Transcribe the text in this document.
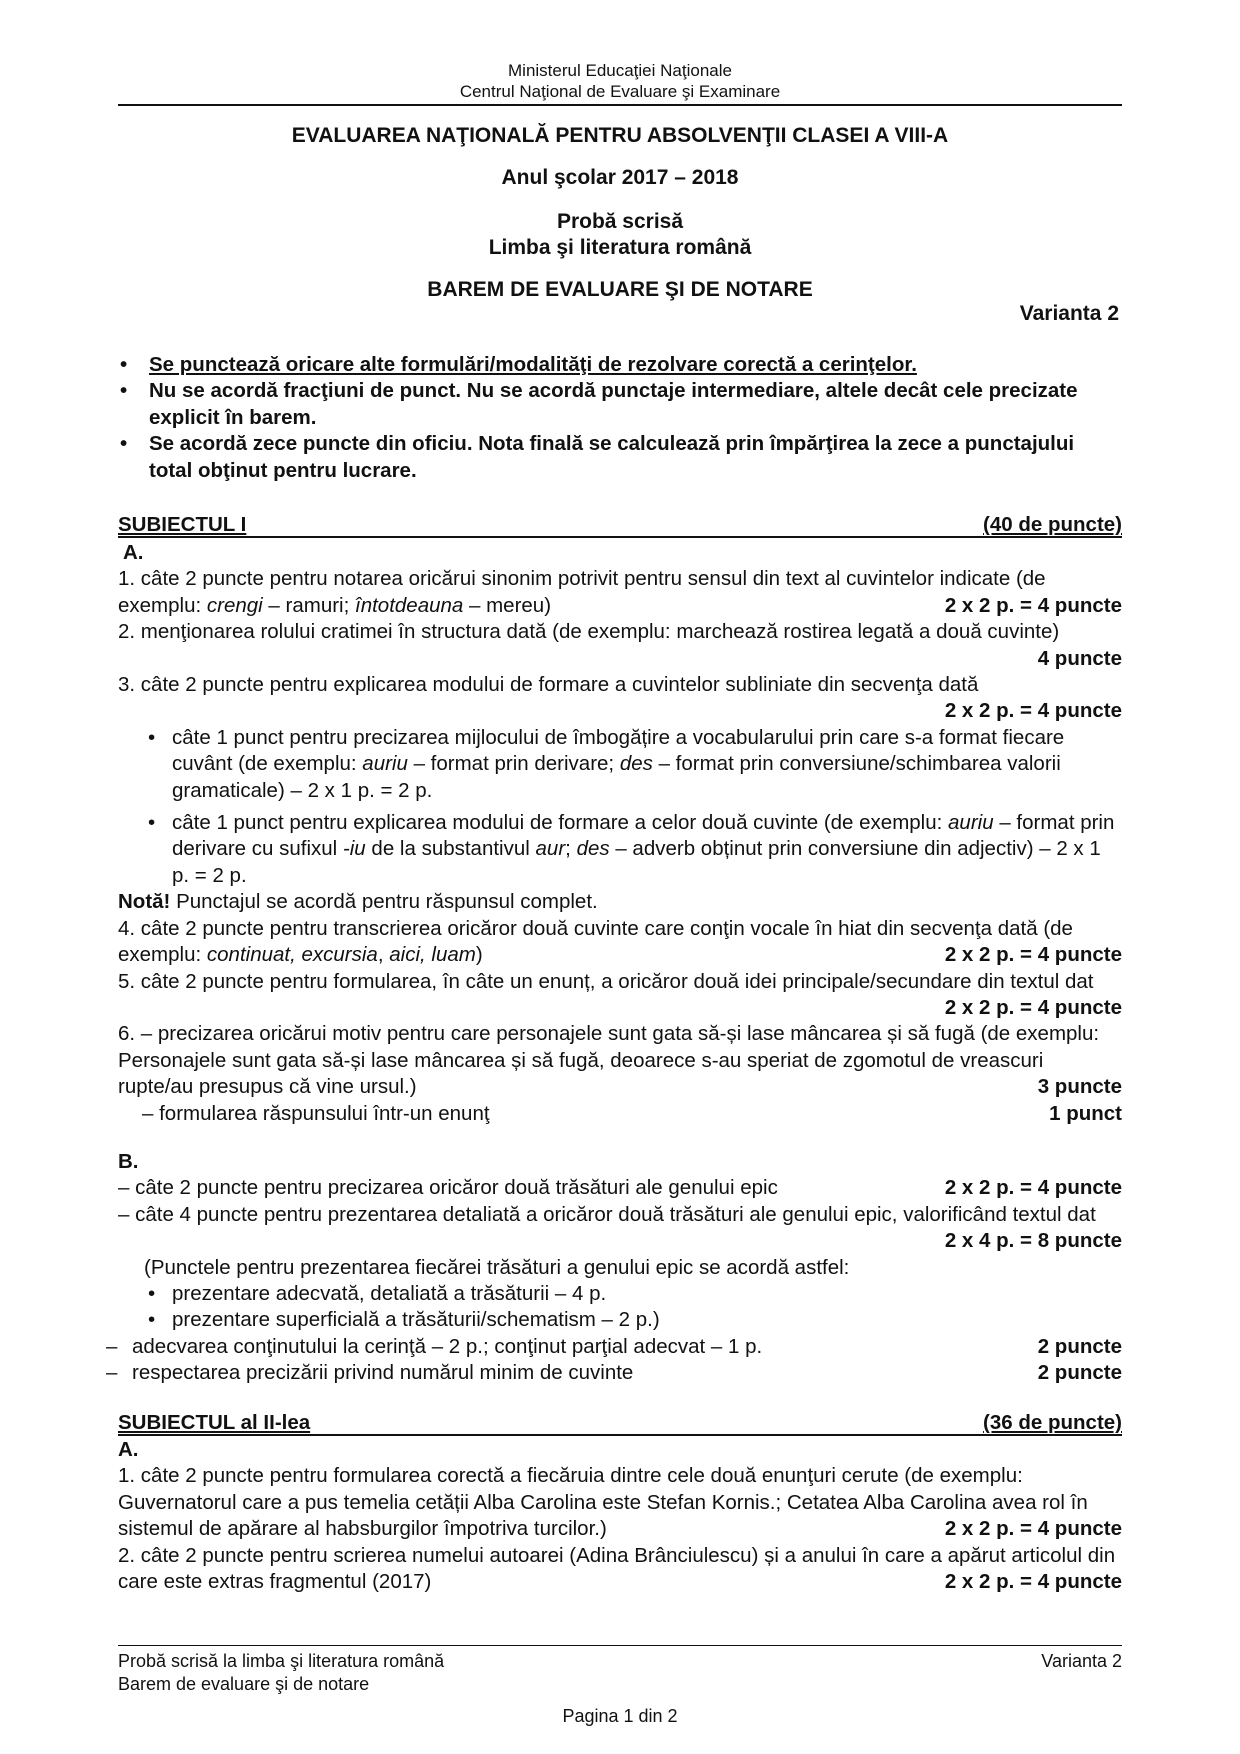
Ministerul Educaţiei Naţionale
Centrul Naţional de Evaluare şi Examinare
EVALUAREA NAŢIONALĂ PENTRU ABSOLVENŢII CLASEI A VIII-A
Anul şcolar 2017 – 2018
Probă scrisă
Limba şi literatura română
BAREM DE EVALUARE ŞI DE NOTARE
Varianta 2
• Se punctează oricare alte formulări/modalităţi de rezolvare corectă a cerinţelor.
• Nu se acordă fracţiuni de punct. Nu se acordă punctaje intermediare, altele decât cele precizate explicit în barem.
• Se acordă zece puncte din oficiu. Nota finală se calculează prin împărţirea la zece a punctajului total obţinut pentru lucrare.
SUBIECTUL I	(40 de puncte)
A.
1. câte 2 puncte pentru notarea oricărui sinonim potrivit pentru sensul din text al cuvintelor indicate (de exemplu: crengi – ramuri; întotdeauna – mereu)	2 x 2 p. = 4 puncte
2. menţionarea rolului cratimei în structura dată (de exemplu: marchează rostirea legată a două cuvinte)
4 puncte
3. câte 2 puncte pentru explicarea modului de formare a cuvintelor subliniate din secvenţa dată

2 x 2 p. = 4 puncte
• câte 1 punct pentru precizarea mijlocului de îmbogățire a vocabularului prin care s-a format fiecare cuvânt (de exemplu: auriu – format prin derivare; des – format prin conversiune/schimbarea valorii gramaticale) – 2 x 1 p. = 2 p.
• câte 1 punct pentru explicarea modului de formare a celor două cuvinte (de exemplu: auriu – format prin derivare cu sufixul -iu de la substantivul aur; des – adverb obținut prin conversiune din adjectiv) – 2 x 1 p. = 2 p.
Notă! Punctajul se acordă pentru răspunsul complet.
4. câte 2 puncte pentru transcrierea oricăror două cuvinte care conţin vocale în hiat din secvenţa dată (de exemplu: continuat, excursia, aici, luam)	2 x 2 p. = 4 puncte
5. câte 2 puncte pentru formularea, în câte un enunț, a oricăror două idei principale/secundare din textul dat
2 x 2 p. = 4 puncte
6. – precizarea oricărui motiv pentru care personajele sunt gata să-și lase mâncarea și să fugă (de exemplu: Personajele sunt gata să-și lase mâncarea și să fugă, deoarece s-au speriat de zgomotul de vreascuri rupte/au presupus că vine ursul.)	3 puncte
– formularea răspunsului într-un enunţ	1 punct
B.
– câte 2 puncte pentru precizarea oricăror două trăsături ale genului epic	2 x 2 p. = 4 puncte
– câte 4 puncte pentru prezentarea detaliată a oricăror două trăsături ale genului epic, valorificând textul dat
2 x 4 p. = 8 puncte
(Punctele pentru prezentarea fiecărei trăsături a genului epic se acordă astfel:
• prezentare adecvată, detaliată a trăsăturii – 4 p.
• prezentare superficială a trăsăturii/schematism – 2 p.)
– adecvarea conţinutului la cerinţă – 2 p.; conţinut parţial adecvat – 1 p.	2 puncte
– respectarea precizării privind numărul minim de cuvinte	2 puncte
SUBIECTUL al II-lea	(36 de puncte)
A.
1. câte 2 puncte pentru formularea corectă a fiecăruia dintre cele două enunţuri cerute (de exemplu: Guvernatorul care a pus temelia cetății Alba Carolina este Stefan Kornis.; Cetatea Alba Carolina avea rol în sistemul de apărare al habsburgilor împotriva turcilor.)	2 x 2 p. = 4 puncte
2. câte 2 puncte pentru scrierea numelui autoarei (Adina Brânciulescu) și a anului în care a apărut articolul din care este extras fragmentul (2017)	2 x 2 p. = 4 puncte
Probă scrisă la limba şi literatura română	Varianta 2
Barem de evaluare şi de notare
Pagina 1 din 2
